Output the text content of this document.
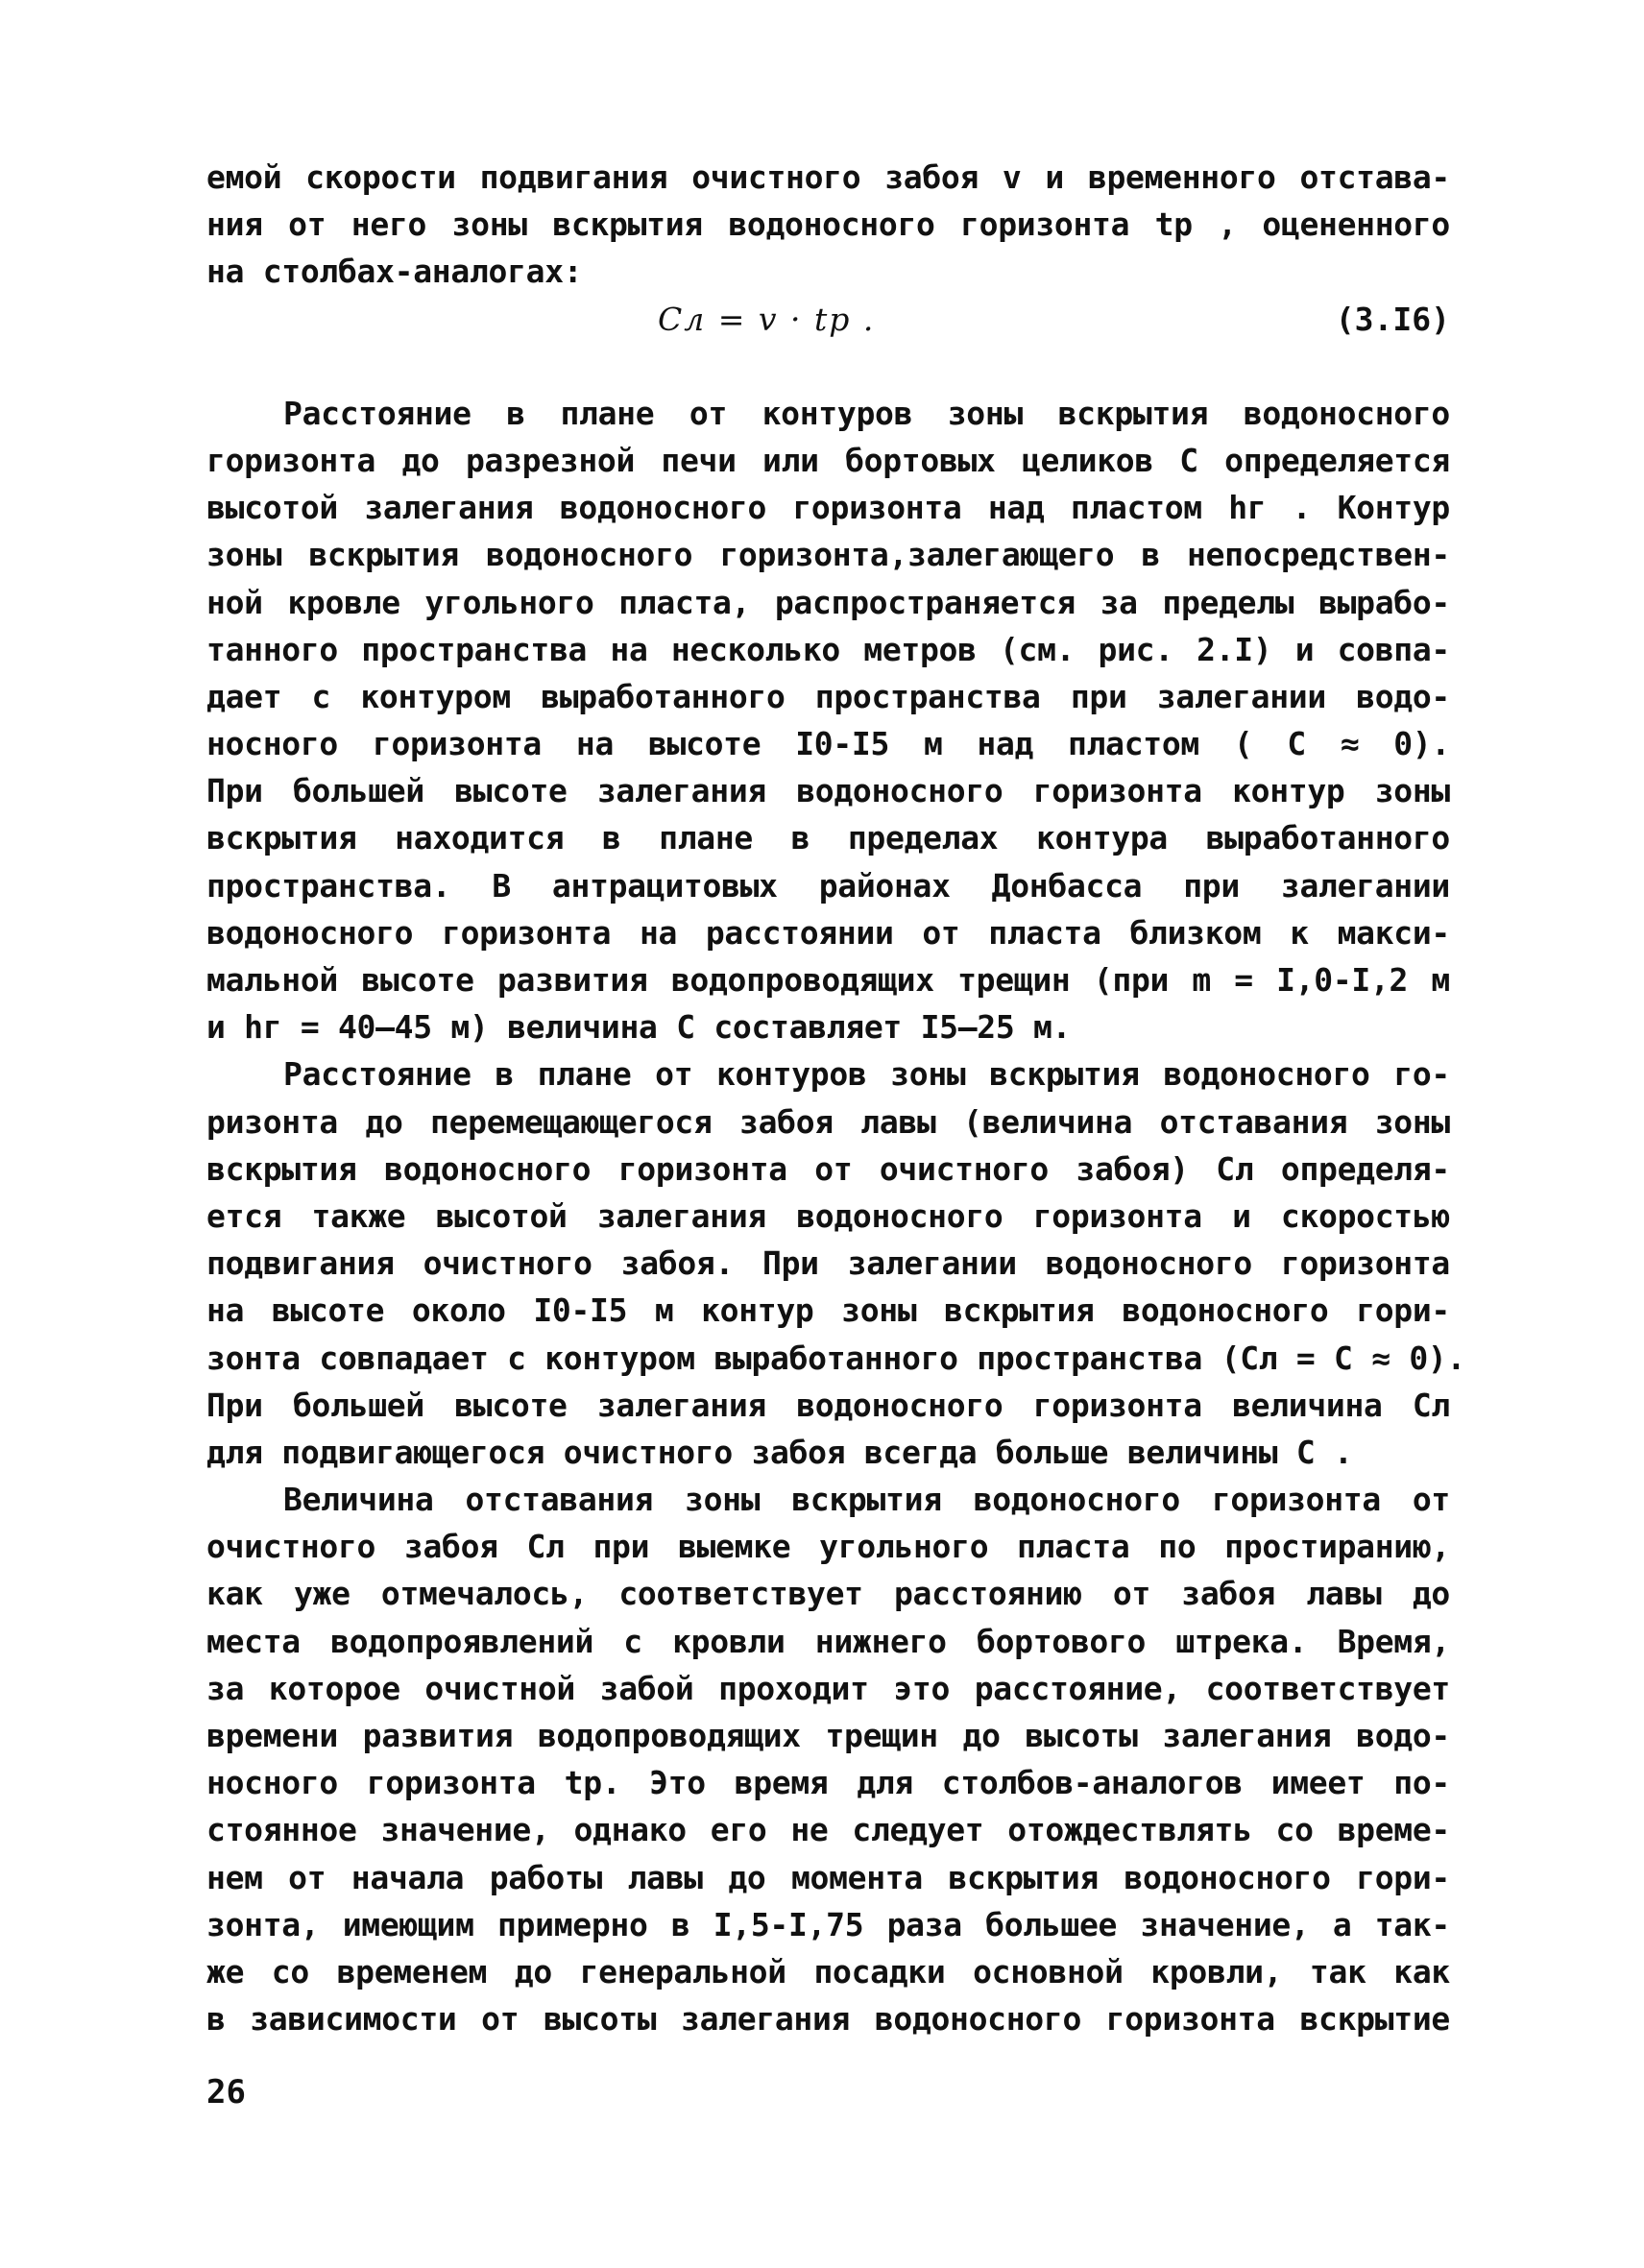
емой скорости подвигания очистного забоя v и временного отстава-
ния от него зоны вскрытия водоносного горизонта tр , оцененного
на столбах-аналогах:
Cл = v · tр .	(3.I6)
Расстояние в плане от контуров зоны вскрытия водоносного
горизонта до разрезной печи или бортовых целиков C определяется
высотой залегания водоносного горизонта над пластом hг . Контур
зоны вскрытия водоносного горизонта,залегающего в непосредствен-
ной кровле угольного пласта, распространяется за пределы вырабо-
танного пространства на несколько метров (см. рис. 2.I) и совпа-
дает с контуром выработанного пространства при залегании водо-
носного горизонта на высоте I0-I5 м над пластом ( C ≈ 0).
При большей высоте залегания водоносного горизонта контур зоны
вскрытия находится в плане в пределах контура выработанного
пространства. В антрацитовых районах Донбасса при залегании
водоносного горизонта на расстоянии от пласта близком к макси-
мальной высоте развития водопроводящих трещин (при m = I,0-I,2 м
и hг = 40–45 м) величина C составляет I5–25 м.
Расстояние в плане от контуров зоны вскрытия водоносного го-
ризонта до перемещающегося забоя лавы (величина отставания зоны
вскрытия водоносного горизонта от очистного забоя) Cл определя-
ется также высотой залегания водоносного горизонта и скоростью
подвигания очистного забоя. При залегании водоносного горизонта
на высоте около I0-I5 м контур зоны вскрытия водоносного гори-
зонта совпадает с контуром выработанного пространства (Cл = C ≈ 0).
При большей высоте залегания водоносного горизонта величина Cл
для подвигающегося очистного забоя всегда больше величины C .
Величина отставания зоны вскрытия водоносного горизонта от
очистного забоя Cл при выемке угольного пласта по простиранию,
как уже отмечалось, соответствует расстоянию от забоя лавы до
места водопроявлений с кровли нижнего бортового штрека. Время,
за которое очистной забой проходит это расстояние, соответствует
времени развития водопроводящих трещин до высоты залегания водо-
носного горизонта tр. Это время для столбов-аналогов имеет по-
стоянное значение, однако его не следует отождествлять со време-
нем от начала работы лавы до момента вскрытия водоносного гори-
зонта, имеющим примерно в I,5-I,75 раза большее значение, а так-
же со временем до генеральной посадки основной кровли, так как
в зависимости от высоты залегания водоносного горизонта вскрытие
26
